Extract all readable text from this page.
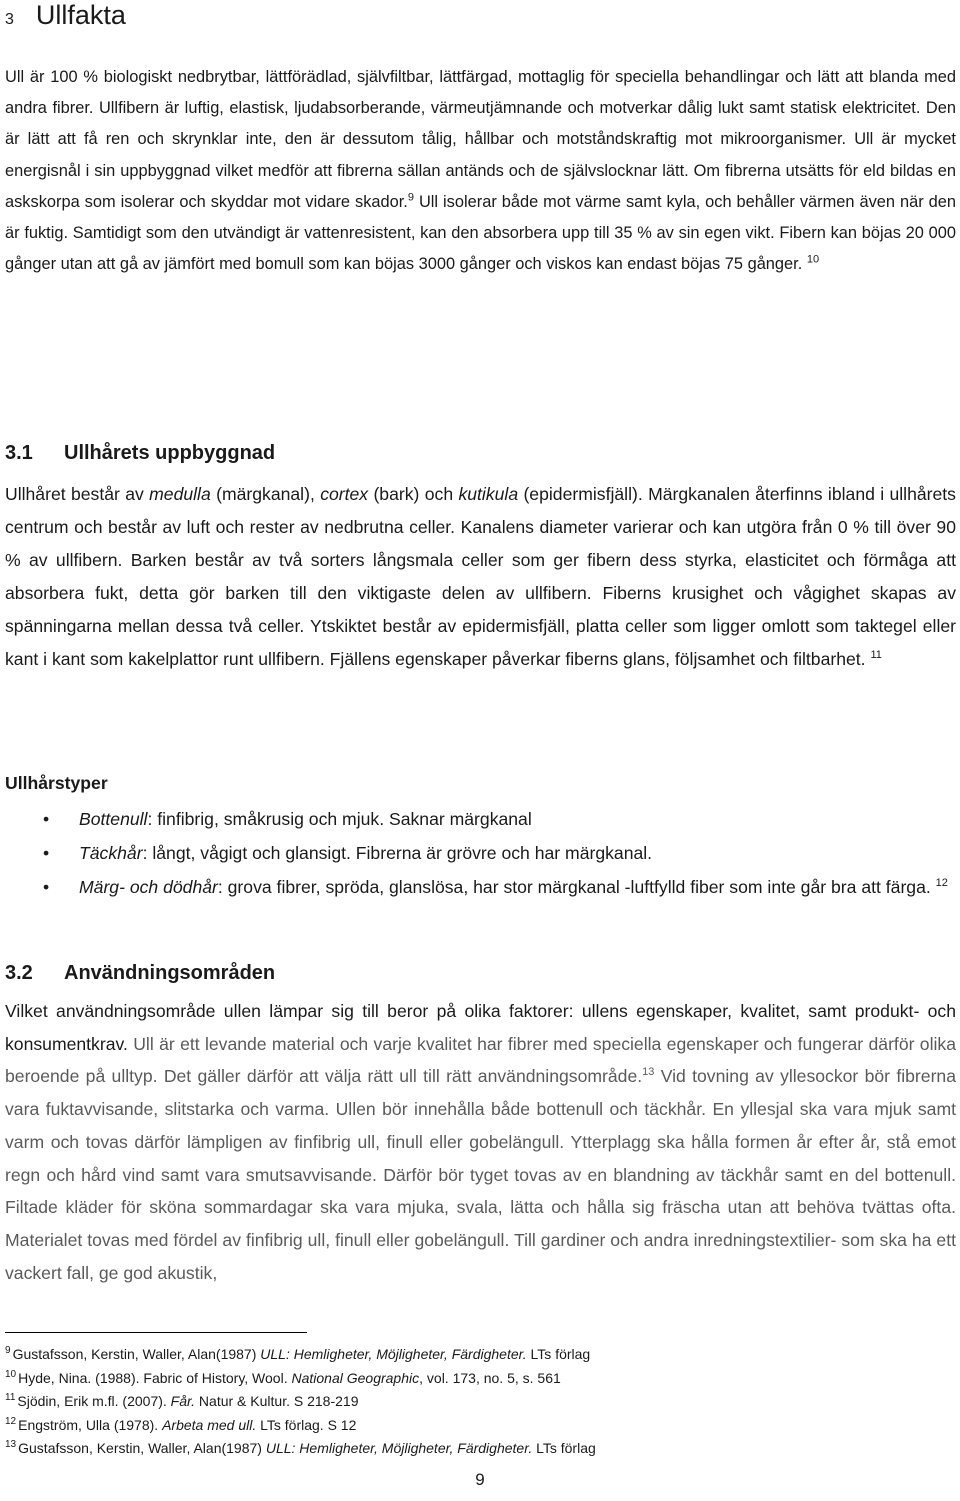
3 Ullfakta

Ull är 100 % biologiskt nedbrytbar, lättförädlad, självfiltbar, lättfärgad, mottaglig för speciella behandlingar och lätt att blanda med andra fibrer. Ullfibern är luftig, elastisk, ljudabsorberande, värmeutjämnande och motverkar dålig lukt samt statisk elektricitet. Den är lätt att få ren och skrynklar inte, den är dessutom tålig, hållbar och motståndskraftig mot mikroorganismer. Ull är mycket energisnål i sin uppbyggnad vilket medför att fibrerna sällan antänds och de självslocknar lätt. Om fibrerna utsätts för eld bildas en askskorpa som isolerar och skyddar mot vidare skador.$^9$ Ull isolerar både mot värme samt kyla, och behåller värmen även när den är fuktig. Samtidigt som den utvändigt är vattenresistent, kan den absorbera upp till 35 % av sin egen vikt. Fibern kan böjas 20 000 gånger utan att gå av jämfört med bomull som kan böjas 3000 gånger och viskos kan endast böjas 75 gånger. $^{10}$

3.1 Ullhårets uppbyggnad

Ullhåret består av medulla (märgkanal), cortex (bark) och kutikula (epidermisfjäll). Märgkanalen återfinns ibland i ullhårets centrum och består av luft och rester av nedbrutna celler. Kanalens diameter varierar och kan utgöra från 0 % till över 90 % av ullfibern. Barken består av två sorters långsmala celler som ger fibern dess styrka, elasticitet och förmåga att absorbera fukt, detta gör barken till den viktigaste delen av ullfibern. Fiberns krusighet och vågighet skapas av spänningarna mellan dessa två celler. Ytskiktet består av epidermisfjäll, platta celler som ligger omlott som taktegel eller kant i kant som kakelplattor runt ullfibern. Fjällens egenskaper påverkar fiberns glans, följsamhet och filtbarhet. $^{11}$

Ullhårstyper
• Bottenull: finfibrig, småkrusig och mjuk. Saknar märgkanal
• Täckhår: långt, vågigt och glansigt. Fibrerna är grövre och har märgkanal.
• Märg- och dödhår: grova fibrer, spröda, glanslösa, har stor märgkanal -luftfylld fiber som inte går bra att färga. $^{12}$
3.2 Användningsområden

Vilket användningsområde ullen lämpar sig till beror på olika faktorer: ullens egenskaper, kvalitet, samt produkt- och konsumentkrav. Ull är ett levande material och varje kvalitet har fibrer med speciella egenskaper och fungerar därför olika beroende på ulltyp. Det gäller därför att välja rätt ull till rätt användningsområde.$^{13}$ Vid tovning av yllesockor bör fibrerna vara fuktavvisande, slitstarka och varma. Ullen bör innehålla både bottenull och täckhår. En yllesjal ska vara mjuk samt varm och tovas därför lämpligen av finfibrig ull, finull eller gobelängull. Ytterplagg ska hålla formen år efter år, stå emot regn och hård vind samt vara smutsavvisande. Därför bör tyget tovas av en blandning av täckhår samt en del bottenull. Filtade kläder för sköna sommardagar ska vara mjuka, svala, lätta och hålla sig fräscha utan att behöva tvättas ofta. Materialet tovas med fördel av finfibrig ull, finull eller gobelängull. Till gardiner och andra inredningstextilier- som ska ha ett vackert fall, ge god akustik,

$^9$ Gustafsson, Kerstin, Waller, Alan(1987) ULL: Hemligheter, Möjligheter, Färdigheter. LTs förlag
$^{10}$ Hyde, Nina. (1988). Fabric of History, Wool. National Geographic, vol. 173, no. 5, s. 561
$^{11}$ Sjödin, Erik m.fl. (2007). Får. Natur & Kultur. S 218-219
$^{12}$ Engström, Ulla (1978). Arbeta med ull. LTs förlag. S 12
$^{13}$ Gustafsson, Kerstin, Waller, Alan(1987) ULL: Hemligheter, Möjligheter, Färdigheter. LTs förlag
9
